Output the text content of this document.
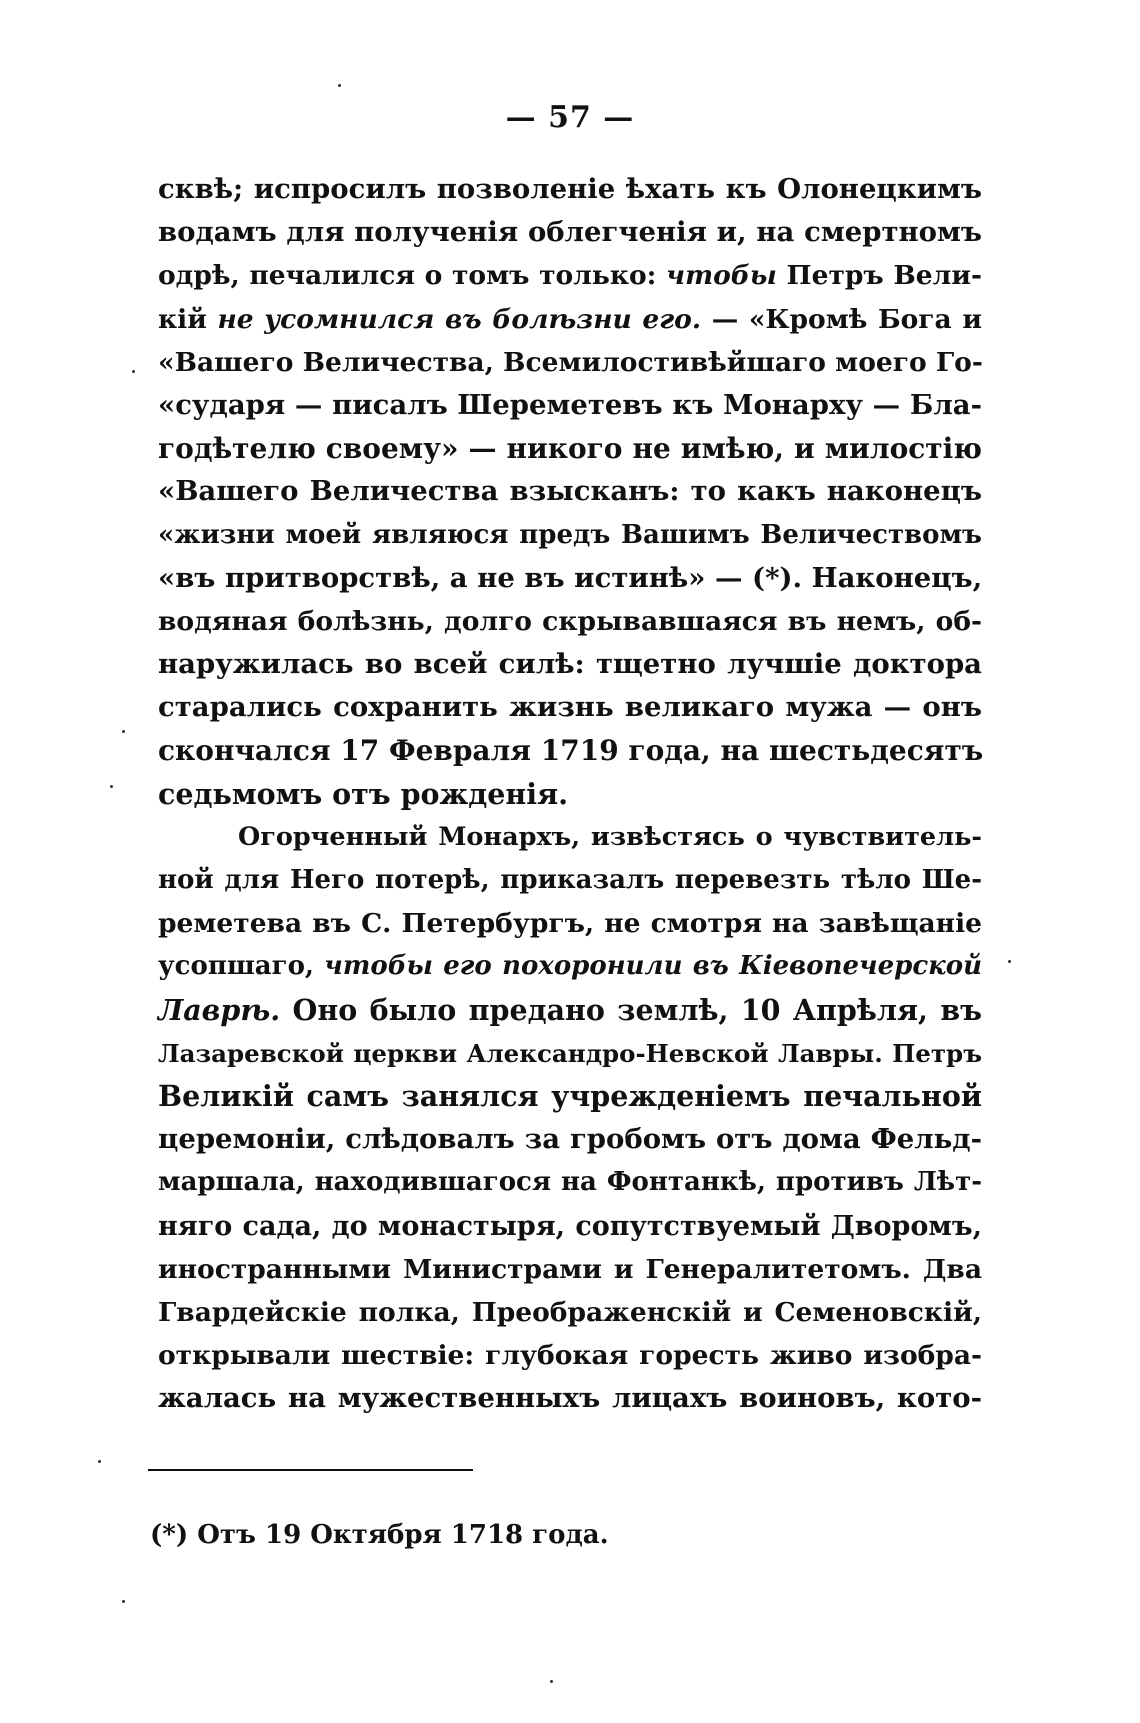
— 57 —
сквѣ; испросилъ позволеніе ѣхать къ Олонецкимъ
водамъ для полученія облегченія и, на смертномъ
одрѣ, печалился о томъ только: чтобы Петръ Вели-
кій не усомнился въ болѣзни его. — «Кромѣ Бога и
«Вашего Величества, Всемилостивѣйшаго моего Го-
«сударя — писалъ Шереметевъ къ Монарху — Бла-
годѣтелю своему» — никого не имѣю, и милостію
«Вашего Величества взысканъ: то какъ наконецъ
«жизни моей являюся предъ Вашимъ Величествомъ
«въ притворствѣ, а не въ истинѣ» — (*). Наконецъ,
водяная болѣзнь, долго скрывавшаяся въ немъ, об-
наружилась во всей силѣ: тщетно лучшіе доктора
старались сохранить жизнь великаго мужа — онъ
скончался 17 Февраля 1719 года, на шестьдесятъ
седьмомъ отъ рожденія.
Огорченный Монархъ, извѣстясь о чувствитель-
ной для Него потерѣ, приказалъ перевезть тѣло Ше-
реметева въ С. Петербургъ, не смотря на завѣщаніе
усопшаго, чтобы его похоронили въ Кіевопечерской
Лаврѣ. Оно было предано землѣ, 10 Апрѣля, въ
Лазаревской церкви Александро-Невской Лавры. Петръ
Великій самъ занялся учрежденіемъ печальной
церемоніи, слѣдовалъ за гробомъ отъ дома Фельд-
маршала, находившагося на Фонтанкѣ, противъ Лѣт-
няго сада, до монастыря, сопутствуемый Дворомъ,
иностранными Министрами и Генералитетомъ. Два
Гвардейскіе полка, Преображенскій и Семеновскій,
открывали шествіе: глубокая горесть живо изобра-
жалась на мужественныхъ лицахъ воиновъ, кото-
(*) Отъ 19 Октября 1718 года.
